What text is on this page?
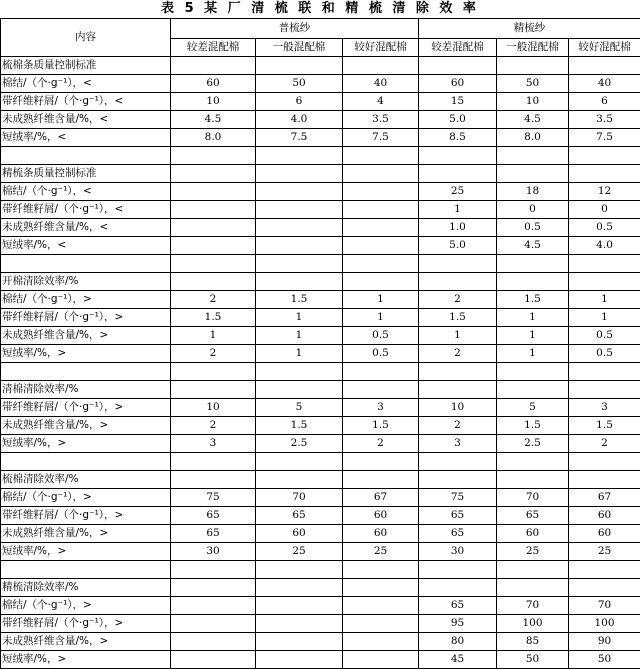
表 5 某 厂 清 梳 联 和 精 梳 清 除 效 率
内容	普梳纱			精梳纱		
	较差混配棉	一般混配棉	较好混配棉	较差混配棉	一般混配棉	较好混配棉
梳棉条质量控制标准						
棉结/（个·g⁻¹），<	60	50	40	60	50	40
带纤维籽屑/（个·g⁻¹），<	10	6	4	15	10	6
未成熟纤维含量/%，<	4.5	4.0	3.5	5.0	4.5	3.5
短绒率/%，<	8.0	7.5	7.5	8.5	8.0	7.5

精梳条质量控制标准						
棉结/（个·g⁻¹），<				25	18	12
带纤维籽屑/（个·g⁻¹），<				1	0	0
未成熟纤维含量/%，<				1.0	0.5	0.5
短绒率/%，<				5.0	4.5	4.0

开棉清除效率/%						
棉结/（个·g⁻¹），>	2	1.5	1	2	1.5	1
带纤维籽屑/（个·g⁻¹），>	1.5	1	1	1.5	1	1
未成熟纤维含量/%，>	1	1	0.5	1	1	0.5
短绒率/%，>	2	1	0.5	2	1	0.5

清棉清除效率/%						
带纤维籽屑/（个·g⁻¹），>	10	5	3	10	5	3
未成熟纤维含量/%，>	2	1.5	1.5	2	1.5	1.5
短绒率/%，>	3	2.5	2	3	2.5	2

梳棉清除效率/%						
棉结/（个·g⁻¹），>	75	70	67	75	70	67
带纤维籽屑/（个·g⁻¹），>	65	65	60	65	65	60
未成熟纤维含量/%，>	65	60	60	65	60	60
短绒率/%，>	30	25	25	30	25	25

精梳清除效率/%						
棉结/（个·g⁻¹），>				65	70	70
带纤维籽屑/（个·g⁻¹），>				95	100	100
未成熟纤维含量/%，>				80	85	90
短绒率/%，>				45	50	50
